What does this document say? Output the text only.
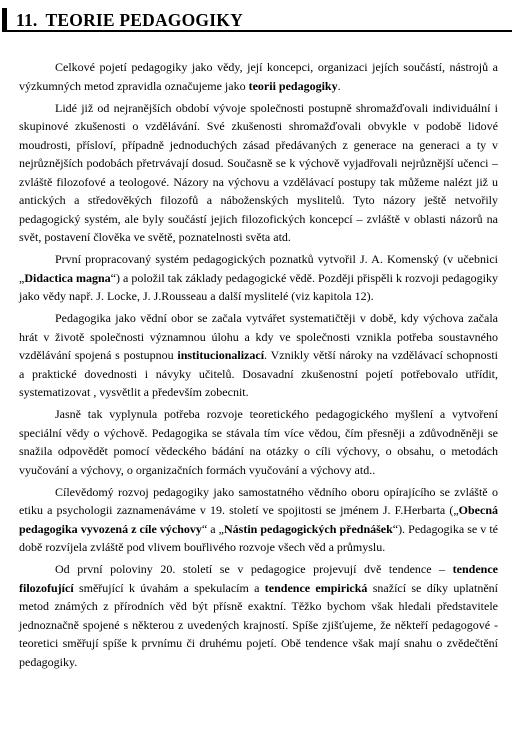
11. TEORIE PEDAGOGIKY

Celkové pojetí pedagogiky jako vědy, její koncepci, organizaci jejích součástí, nástrojů a výzkumných metod zpravidla označujeme jako teorii pedagogiky.

Lidé již od nejranějších období vývoje společnosti postupně shromažďovali individuální i skupinové zkušenosti o vzdělávání. Své zkušenosti shromažďovali obvykle v podobě lidové moudrosti, přísloví, případně jednoduchých zásad předávaných z generace na generaci a ty v nejrůznějších podobách přetrvávají dosud. Současně se k výchově vyjadřovali nejrůznější učenci – zvláště filozofové a teologové. Názory na výchovu a vzdělávací postupy tak můžeme nalézt již u antických a středověkých filozofů a náboženských myslitelů. Tyto názory ještě netvořily pedagogický systém, ale byly součástí jejich filozofických koncepcí – zvláště v oblasti názorů na svět, postavení člověka ve světě, poznatelnosti světa atd.

První propracovaný systém pedagogických poznatků vytvořil J. A. Komenský (v učebnici „Didactica magna“) a položil tak základy pedagogické vědě. Později přispěli k rozvoji pedagogiky jako vědy např. J. Locke, J. J.Rousseau a další myslitelé (viz kapitola 12).

Pedagogika jako vědní obor se začala vytvářet systematičtěji v době, kdy výchova začala hrát v životě společnosti významnou úlohu a kdy ve společnosti vznikla potřeba soustavného vzdělávání spojená s postupnou institucionalizací. Vznikly větší nároky na vzdělávací schopnosti a praktické dovednosti i návyky učitelů. Dosavadní zkušenostní pojetí potřebovalo utřídit, systematizovat , vysvětlit a především zobecnit.

Jasně tak vyplynula potřeba rozvoje teoretického pedagogického myšlení a vytvoření speciální vědy o výchově. Pedagogika se stávala tím více vědou, čím přesněji a zdůvodněněji se snažila odpovědět pomocí vědeckého bádání na otázky o cíli výchovy, o obsahu, o metodách vyučování a výchovy, o organizačních formách vyučování a výchovy atd..

Cílevědomý rozvoj pedagogiky jako samostatného vědního oboru opírajícího se zvláště o etiku a psychologii zaznamenáváme v 19. století ve spojitosti se jménem J. F.Herbarta („Obecná pedagogika vyvozená z cíle výchovy“ a „Nástin pedagogických přednášek“). Pedagogika se v té době rozvíjela zvláště pod vlivem bouřlivého rozvoje všech věd a průmyslu.

Od první poloviny 20. století se v pedagogice projevují dvě tendence – tendence filozofující směřující k úvahám a spekulacím a tendence empirická snažící se díky uplatnění metod známých z přírodních věd být přísně exaktní. Těžko bychom však hledali představitele jednoznačně spojené s některou z uvedených krajností. Spíše zjišťujeme, že někteří pedagogové - teoretici směřují spíše k prvnímu či druhému pojetí. Obě tendence však mají snahu o zvědečtění pedagogiky.
